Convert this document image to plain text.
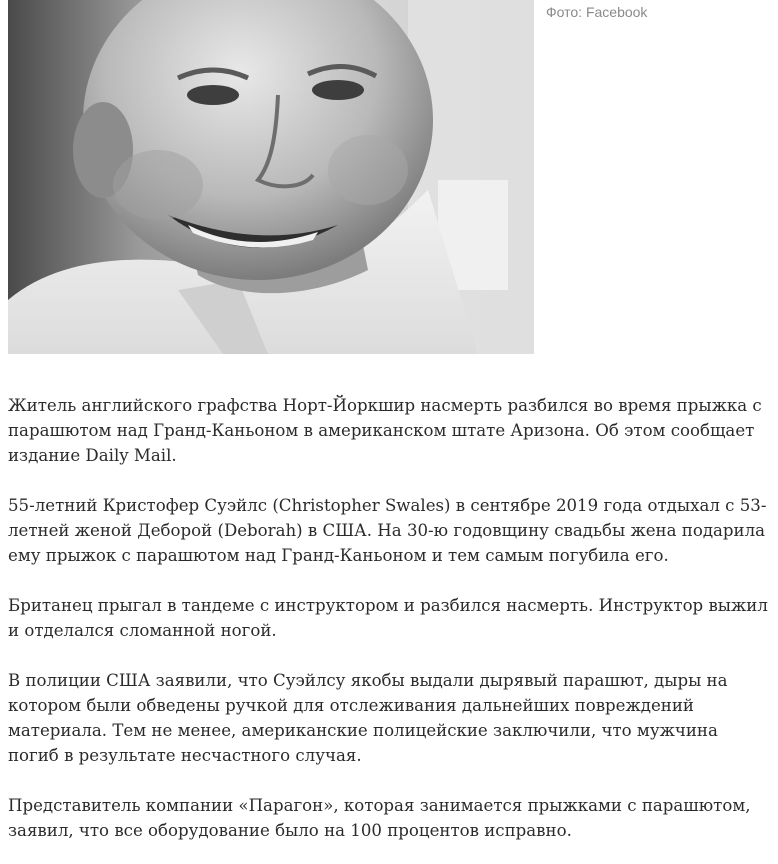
Фото: Facebook

Житель английского графства Норт-Йоркшир насмерть разбился во время прыжка с парашютом над Гранд-Каньоном в американском штате Аризона. Об этом сообщает издание Daily Mail.

55-летний Кристофер Суэйлс (Christopher Swales) в сентябре 2019 года отдыхал с 53-летней женой Деборой (Deborah) в США. На 30-ю годовщину свадьбы жена подарила ему прыжок с парашютом над Гранд-Каньоном и тем самым погубила его.

Британец прыгал в тандеме с инструктором и разбился насмерть. Инструктор выжил и отделался сломанной ногой.

В полиции США заявили, что Суэйлсу якобы выдали дырявый парашют, дыры на котором были обведены ручкой для отслеживания дальнейших повреждений материала. Тем не менее, американские полицейские заключили, что мужчина погиб в результате несчастного случая.

Представитель компании «Парагон», которая занимается прыжками с парашютом, заявил, что все оборудование было на 100 процентов исправно.
